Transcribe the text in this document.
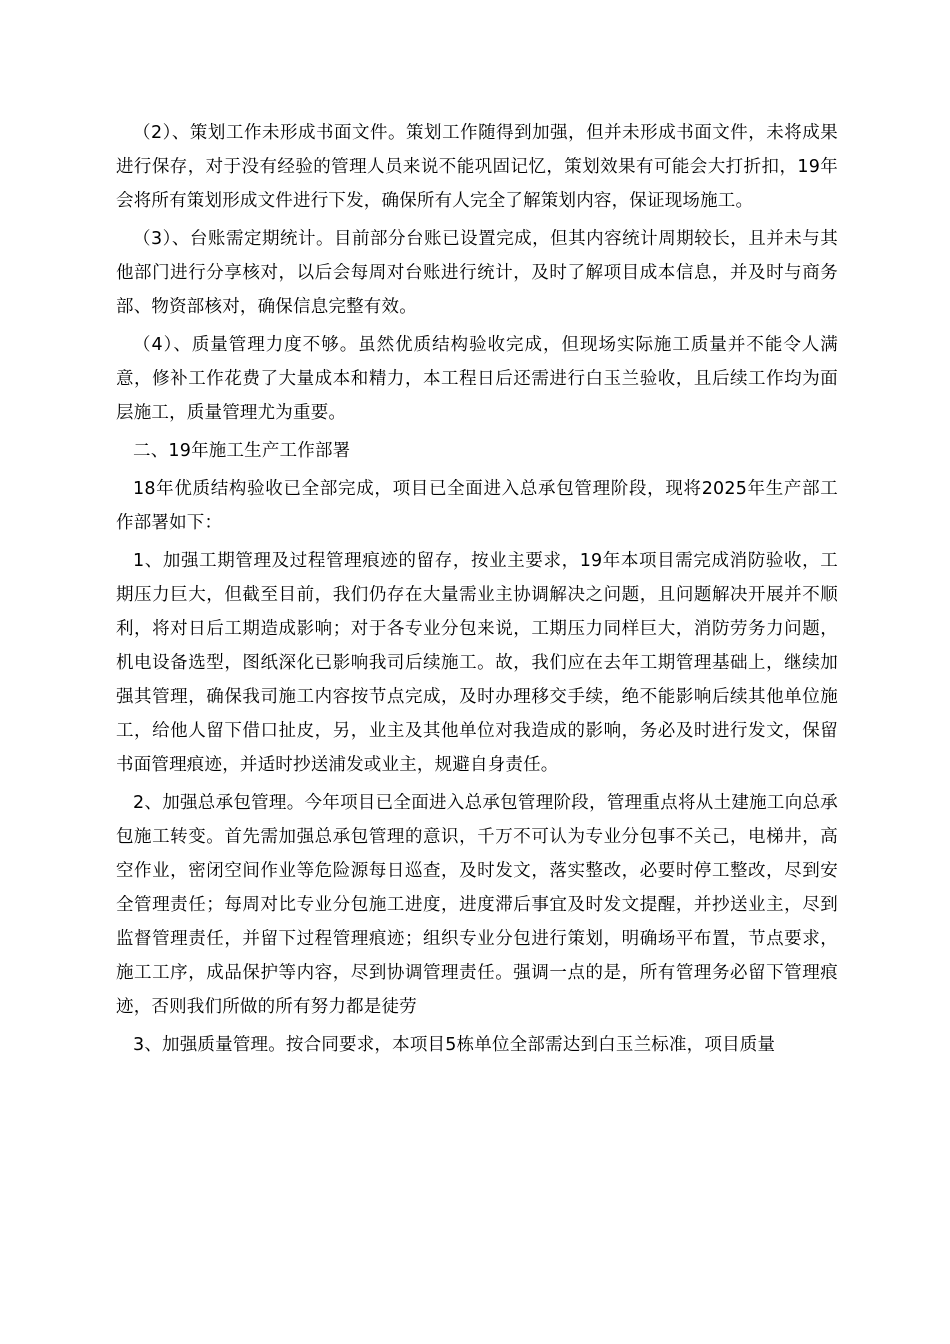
（2）、策划工作未形成书面文件。策划工作随得到加强，但并未形成书面文件，未将成果进行保存，对于没有经验的管理人员来说不能巩固记忆，策划效果有可能会大打折扣，19年会将所有策划形成文件进行下发，确保所有人完全了解策划内容，保证现场施工。

（3）、台账需定期统计。目前部分台账已设置完成，但其内容统计周期较长，且并未与其他部门进行分享核对，以后会每周对台账进行统计，及时了解项目成本信息，并及时与商务部、物资部核对，确保信息完整有效。

（4）、质量管理力度不够。虽然优质结构验收完成，但现场实际施工质量并不能令人满意，修补工作花费了大量成本和精力，本工程日后还需进行白玉兰验收，且后续工作均为面层施工，质量管理尤为重要。

二、19年施工生产工作部署

18年优质结构验收已全部完成，项目已全面进入总承包管理阶段，现将2025年生产部工作部署如下：

1、加强工期管理及过程管理痕迹的留存，按业主要求，19年本项目需完成消防验收，工期压力巨大，但截至目前，我们仍存在大量需业主协调解决之问题，且问题解决开展并不顺利，将对日后工期造成影响；对于各专业分包来说，工期压力同样巨大，消防劳务力问题，机电设备选型，图纸深化已影响我司后续施工。故，我们应在去年工期管理基础上，继续加强其管理，确保我司施工内容按节点完成，及时办理移交手续，绝不能影响后续其他单位施工，给他人留下借口扯皮，另，业主及其他单位对我造成的影响，务必及时进行发文，保留书面管理痕迹，并适时抄送浦发或业主，规避自身责任。

2、加强总承包管理。今年项目已全面进入总承包管理阶段，管理重点将从土建施工向总承包施工转变。首先需加强总承包管理的意识，千万不可认为专业分包事不关己，电梯井，高空作业，密闭空间作业等危险源每日巡查，及时发文，落实整改，必要时停工整改，尽到安全管理责任；每周对比专业分包施工进度，进度滞后事宜及时发文提醒，并抄送业主，尽到监督管理责任，并留下过程管理痕迹；组织专业分包进行策划，明确场平布置，节点要求，施工工序，成品保护等内容，尽到协调管理责任。强调一点的是，所有管理务必留下管理痕迹，否则我们所做的所有努力都是徒劳

3、加强质量管理。按合同要求，本项目5栋单位全部需达到白玉兰标准，项目质量
